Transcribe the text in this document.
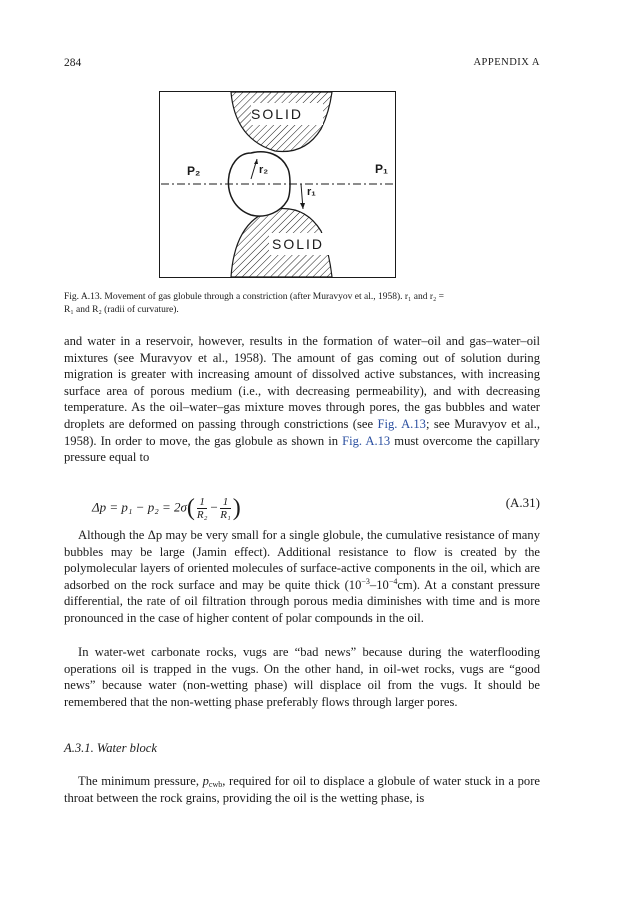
284	APPENDIX A
SOLID
SOLID
P₂	P₁
r₂
r₁
Fig. A.13. Movement of gas globule through a constriction (after Muravyov et al., 1958). r₁ and r₂ =
R₁ and R₂ (radii of curvature).

and water in a reservoir, however, results in the formation of water–oil and gas–water–oil mixtures (see Muravyov et al., 1958). The amount of gas coming out of solution during migration is greater with increasing amount of dissolved active substances, with increasing surface area of porous medium (i.e., with decreasing permeability), and with decreasing temperature. As the oil–water–gas mixture moves through pores, the gas bubbles and water droplets are deformed on passing through constrictions (see Fig. A.13; see Muravyov et al., 1958). In order to move, the gas globule as shown in Fig. A.13 must overcome the capillary pressure equal to

$\Delta p = p_1 - p_2 = 2\sigma( \frac{1}{\text{R₂}} - \frac{1}{\text{R₁}}$ )	(A.31)

Although the Δp may be very small for a single globule, the cumulative resistance of many bubbles may be large (Jamin effect). Additional resistance to flow is created by the polymolecular layers of oriented molecules of surface-active components in the oil, which are adsorbed on the rock surface and may be quite thick $(10^{-3}-10^{-4}cm)$. At a constant pressure differential, the rate of oil filtration through porous media diminishes with time and is more pronounced in the case of higher content of polar compounds in the oil.

In water-wet carbonate rocks, vugs are “bad news” because during the waterflooding operations oil is trapped in the vugs. On the other hand, in oil-wet rocks, vugs are “good news” because water (non-wetting phase) will displace oil from the vugs. It should be remembered that the non-wetting phase preferably flows through larger pores.

A.3.1. Water block

The minimum pressure, $p_{cwb}$, required for oil to displace a globule of water stuck in a pore throat between the rock grains, providing the oil is the wetting phase, is
